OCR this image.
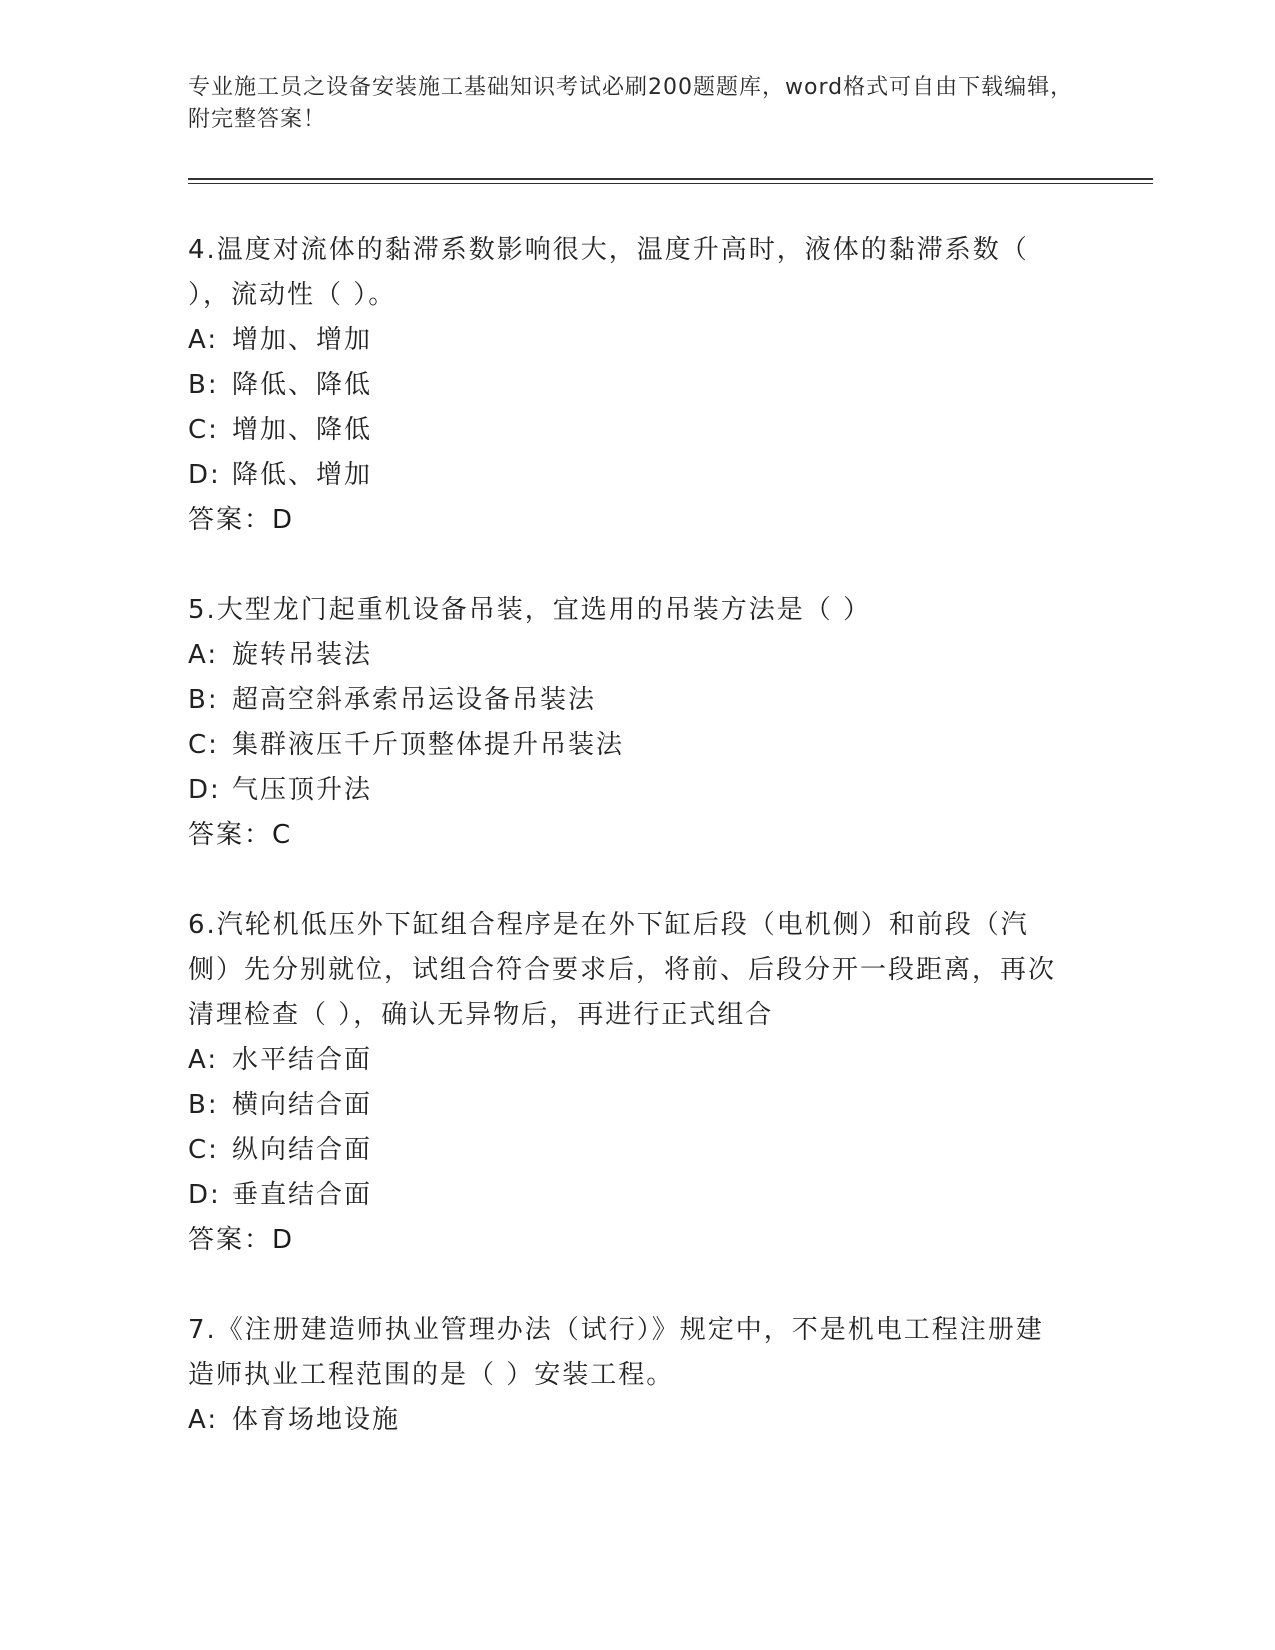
专业施工员之设备安装施工基础知识考试必刷200题题库，word格式可自由下载编辑，附完整答案！

4.温度对流体的黏滞系数影响很大，温度升高时，液体的黏滞系数（ ），流动性（ ）。

A: 增加、增加

B: 降低、降低

C: 增加、降低

D: 降低、增加

答案：D

5.大型龙门起重机设备吊装，宜选用的吊装方法是（ ）

A: 旋转吊装法

B: 超高空斜承索吊运设备吊装法

C: 集群液压千斤顶整体提升吊装法

D: 气压顶升法

答案：C

6.汽轮机低压外下缸组合程序是在外下缸后段（电机侧）和前段（汽侧）先分别就位，试组合符合要求后，将前、后段分开一段距离，再次清理检查（ ），确认无异物后，再进行正式组合

A: 水平结合面

B: 横向结合面

C: 纵向结合面

D: 垂直结合面

答案：D

7.《注册建造师执业管理办法（试行）》规定中，不是机电工程注册建造师执业工程范围的是（ ）安装工程。

A: 体育场地设施
